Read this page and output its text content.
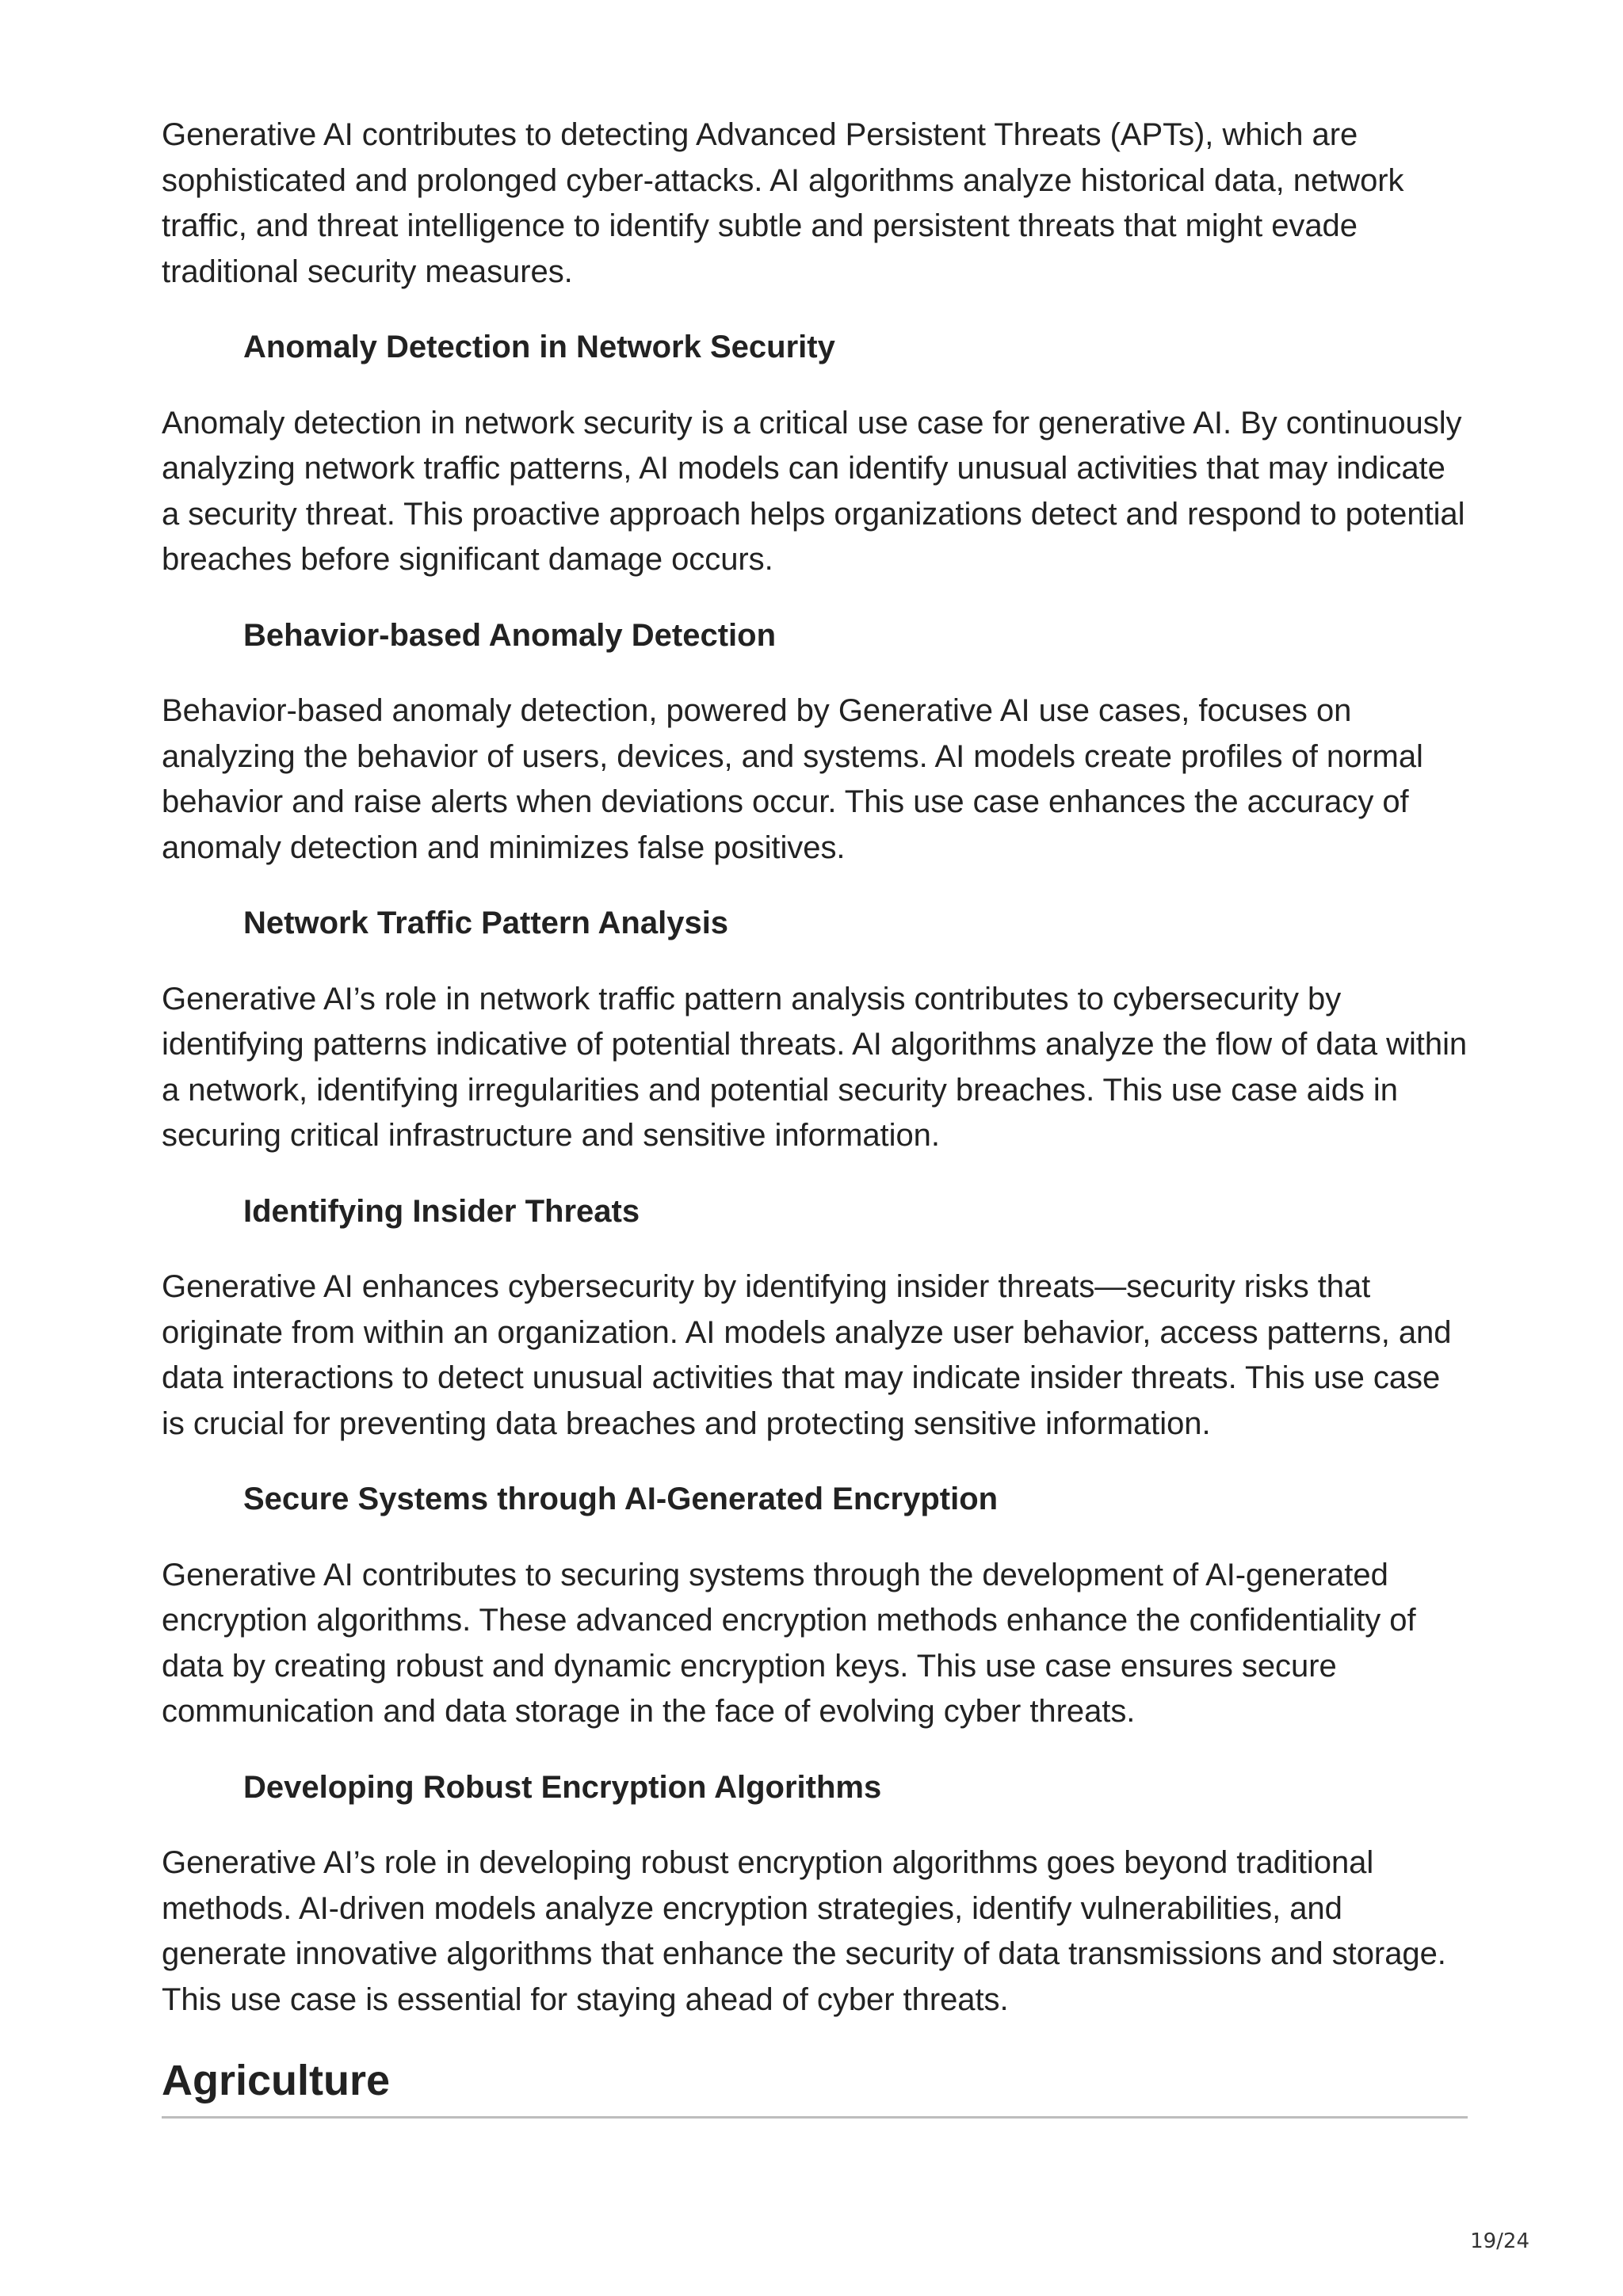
Generative AI contributes to detecting Advanced Persistent Threats (APTs), which are sophisticated and prolonged cyber-attacks. AI algorithms analyze historical data, network traffic, and threat intelligence to identify subtle and persistent threats that might evade traditional security measures.

Anomaly Detection in Network Security

Anomaly detection in network security is a critical use case for generative AI. By continuously analyzing network traffic patterns, AI models can identify unusual activities that may indicate a security threat. This proactive approach helps organizations detect and respond to potential breaches before significant damage occurs.

Behavior-based Anomaly Detection

Behavior-based anomaly detection, powered by Generative AI use cases, focuses on analyzing the behavior of users, devices, and systems. AI models create profiles of normal behavior and raise alerts when deviations occur. This use case enhances the accuracy of anomaly detection and minimizes false positives.

Network Traffic Pattern Analysis

Generative AI’s role in network traffic pattern analysis contributes to cybersecurity by identifying patterns indicative of potential threats. AI algorithms analyze the flow of data within a network, identifying irregularities and potential security breaches. This use case aids in securing critical infrastructure and sensitive information.

Identifying Insider Threats

Generative AI enhances cybersecurity by identifying insider threats—security risks that originate from within an organization. AI models analyze user behavior, access patterns, and data interactions to detect unusual activities that may indicate insider threats. This use case is crucial for preventing data breaches and protecting sensitive information.

Secure Systems through AI-Generated Encryption

Generative AI contributes to securing systems through the development of AI-generated encryption algorithms. These advanced encryption methods enhance the confidentiality of data by creating robust and dynamic encryption keys. This use case ensures secure communication and data storage in the face of evolving cyber threats.

Developing Robust Encryption Algorithms

Generative AI’s role in developing robust encryption algorithms goes beyond traditional methods. AI-driven models analyze encryption strategies, identify vulnerabilities, and generate innovative algorithms that enhance the security of data transmissions and storage. This use case is essential for staying ahead of cyber threats.

Agriculture
19/24
